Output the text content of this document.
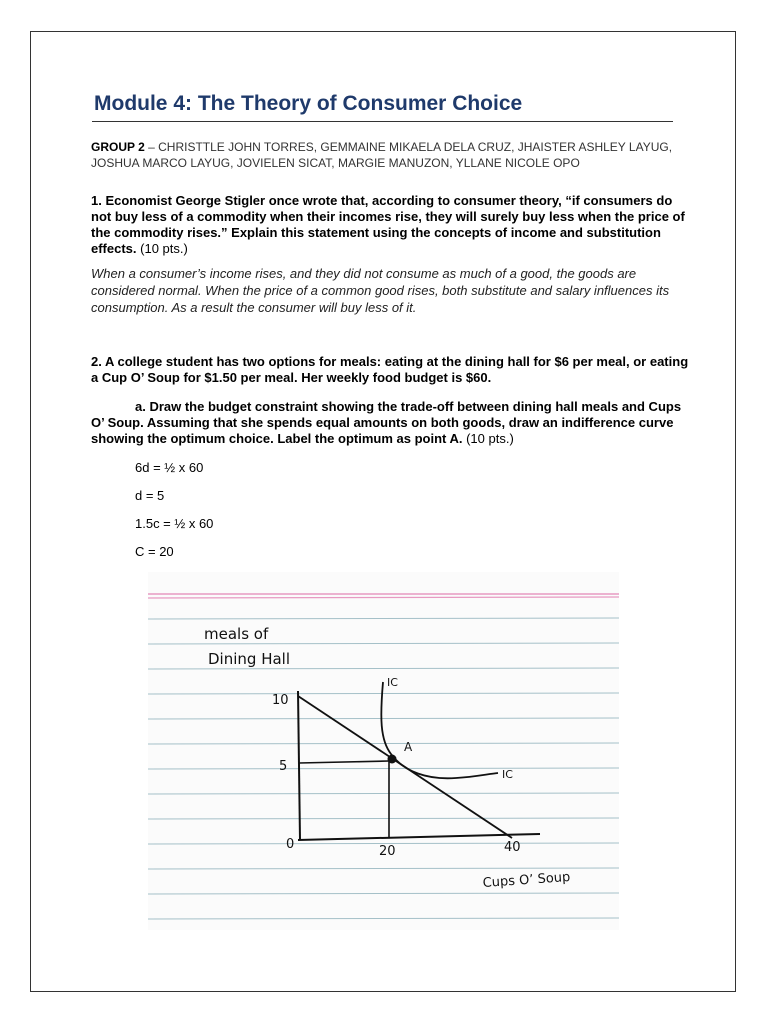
Module 4: The Theory of Consumer Choice
GROUP 2 – CHRISTTLE JOHN TORRES, GEMMAINE MIKAELA DELA CRUZ, JHAISTER ASHLEY LAYUG, JOSHUA MARCO LAYUG, JOVIELEN SICAT, MARGIE MANUZON, YLLANE NICOLE OPO
1. Economist George Stigler once wrote that, according to consumer theory, “if consumers do not buy less of a commodity when their incomes rise, they will surely buy less when the price of the commodity rises.” Explain this statement using the concepts of income and substitution effects. (10 pts.)
When a consumer’s income rises, and they did not consume as much of a good, the goods are considered normal. When the price of a common good rises, both substitute and salary influences its consumption. As a result the consumer will buy less of it.
2. A college student has two options for meals: eating at the dining hall for $6 per meal, or eating a Cup O’ Soup for $1.50 per meal. Her weekly food budget is $60.
a. Draw the budget constraint showing the trade-off between dining hall meals and Cups O’ Soup. Assuming that she spends equal amounts on both goods, draw an indifference curve showing the optimum choice. Label the optimum as point A. (10 pts.)
6d = ½ x 60
d = 5
1.5c = ½ x 60
C = 20
meals of
Dining Hall
10
5
0	20	40
IC
IC
A
Cups O’ Soup
